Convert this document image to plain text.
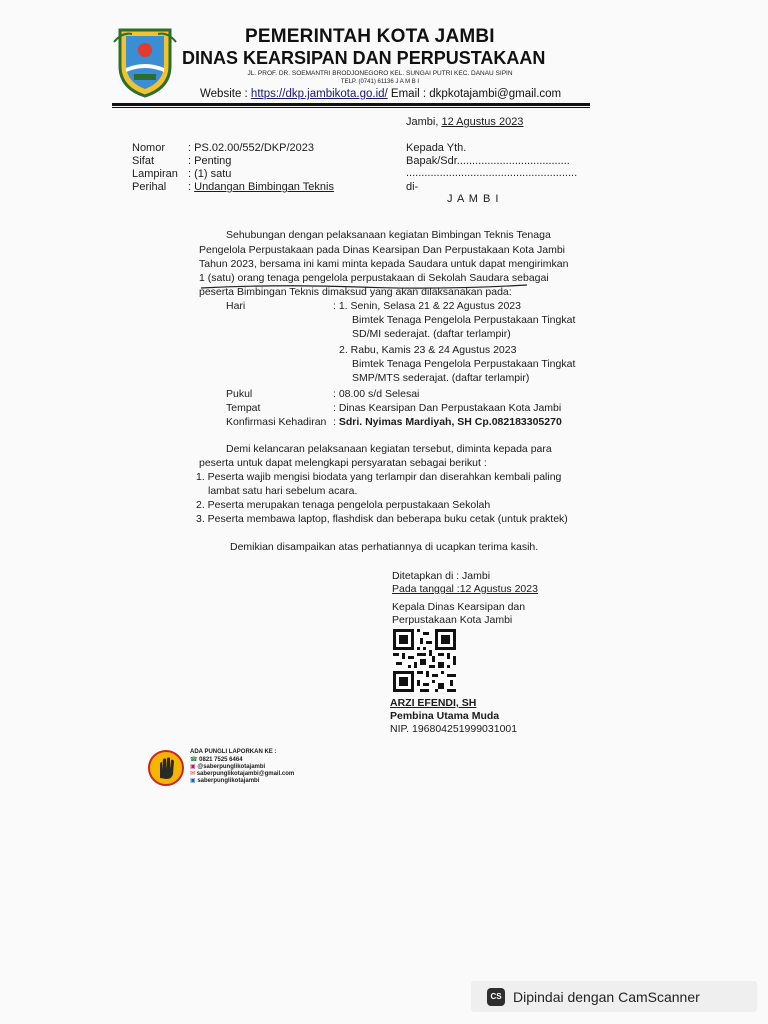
PEMERINTAH KOTA JAMBI
DINAS KEARSIPAN DAN PERPUSTAKAAN
JL. PROF. DR. SOEMANTRI BRODJONEGORO KEL. SUNGAI PUTRI KEC. DANAU SIPIN
TELP. (0741) 61136 J A M B I
Website : https://dkp.jambikota.go.id/ Email : dkpkotajambi@gmail.com
Jambi, 12 Agustus 2023
Nomor : PS.02.00/552/DKP/2023
Sifat	: Penting
Lampiran : (1) satu
Perihal : Undangan Bimbingan Teknis
Kepada Yth.
Bapak/Sdr.....................................
........................................................
di-
J A M B I
Sehubungan dengan pelaksanaan kegiatan Bimbingan Teknis Tenaga
Pengelola Perpustakaan pada Dinas Kearsipan Dan Perpustakaan Kota Jambi
Tahun 2023, bersama ini kami minta kepada Saudara untuk dapat mengirimkan
1 (satu) orang tenaga pengelola perpustakaan di Sekolah Saudara sebagai
peserta Bimbingan Teknis dimaksud yang akan dilaksanakan pada:
Hari	: 1. Senin, Selasa 21 & 22 Agustus 2023
Bimtek Tenaga Pengelola Perpustakaan Tingkat
SD/MI sederajat. (daftar terlampir)
2. Rabu, Kamis 23 & 24 Agustus 2023
Bimtek Tenaga Pengelola Perpustakaan Tingkat
SMP/MTS sederajat. (daftar terlampir)
Pukul	: 08.00 s/d Selesai
Tempat	: Dinas Kearsipan Dan Perpustakaan Kota Jambi
Konfirmasi Kehadiran : Sdri. Nyimas Mardiyah, SH Cp.082183305270
Demi kelancaran pelaksanaan kegiatan tersebut, diminta kepada para
peserta untuk dapat melengkapi persyaratan sebagai berikut :
1. Peserta wajib mengisi biodata yang terlampir dan diserahkan kembali paling
lambat satu hari sebelum acara.
2. Peserta merupakan tenaga pengelola perpustakaan Sekolah
3. Peserta membawa laptop, flashdisk dan beberapa buku cetak (untuk praktek)
Demikian disampaikan atas perhatiannya di ucapkan terima kasih.
Ditetapkan di : Jambi
Pada tanggal :12 Agustus 2023
Kepala Dinas Kearsipan dan
Perpustakaan Kota Jambi
ARZI EFENDI, SH
Pembina Utama Muda
NIP. 196804251999031001
ADA PUNGLI LAPORKAN KE :
☎ 0821 7525 6464
▣ @saberpunglikotajambi
✉ saberpunglikotajambi@gmail.com
▣ saberpunglikotajambi
CS Dipindai dengan CamScanner
